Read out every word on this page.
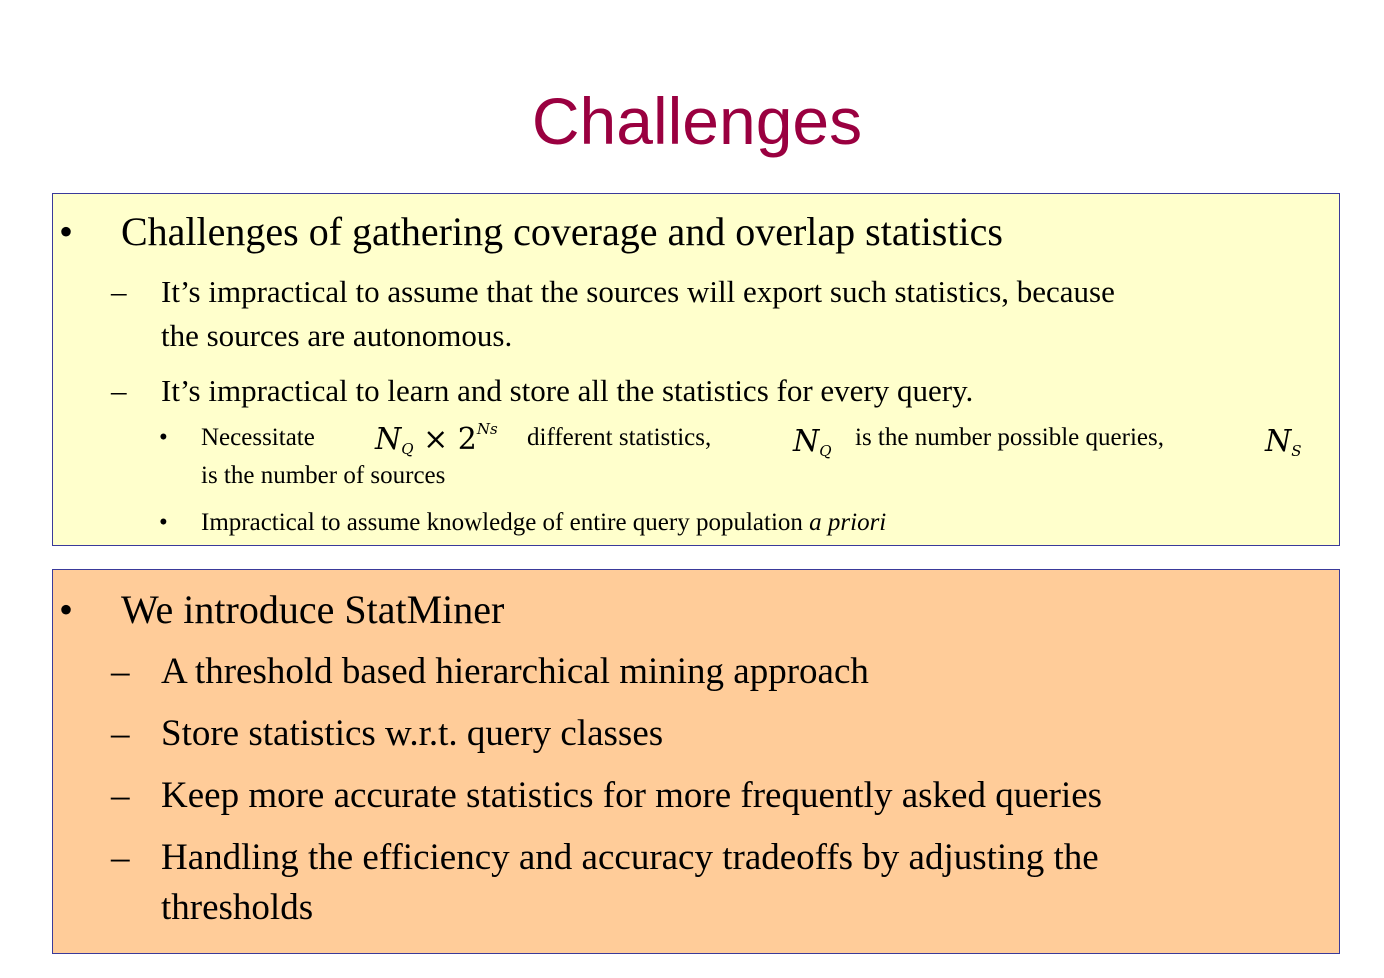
Challenges
• Challenges of gathering coverage and overlap statistics
– It’s impractical to assume that the sources will export such statistics, because
the sources are autonomous.
– It’s impractical to learn and store all the statistics for every query.
• Necessitate	different statistics,	is the number possible queries,
$N_Q \times 2^{Ns}$	$N_Q$	$N_S$
is the number of sources
• Impractical to assume knowledge of entire query population a priori
• We introduce StatMiner
– A threshold based hierarchical mining approach
– Store statistics w.r.t. query classes
– Keep more accurate statistics for more frequently asked queries
– Handling the efficiency and accuracy tradeoffs by adjusting the
thresholds
